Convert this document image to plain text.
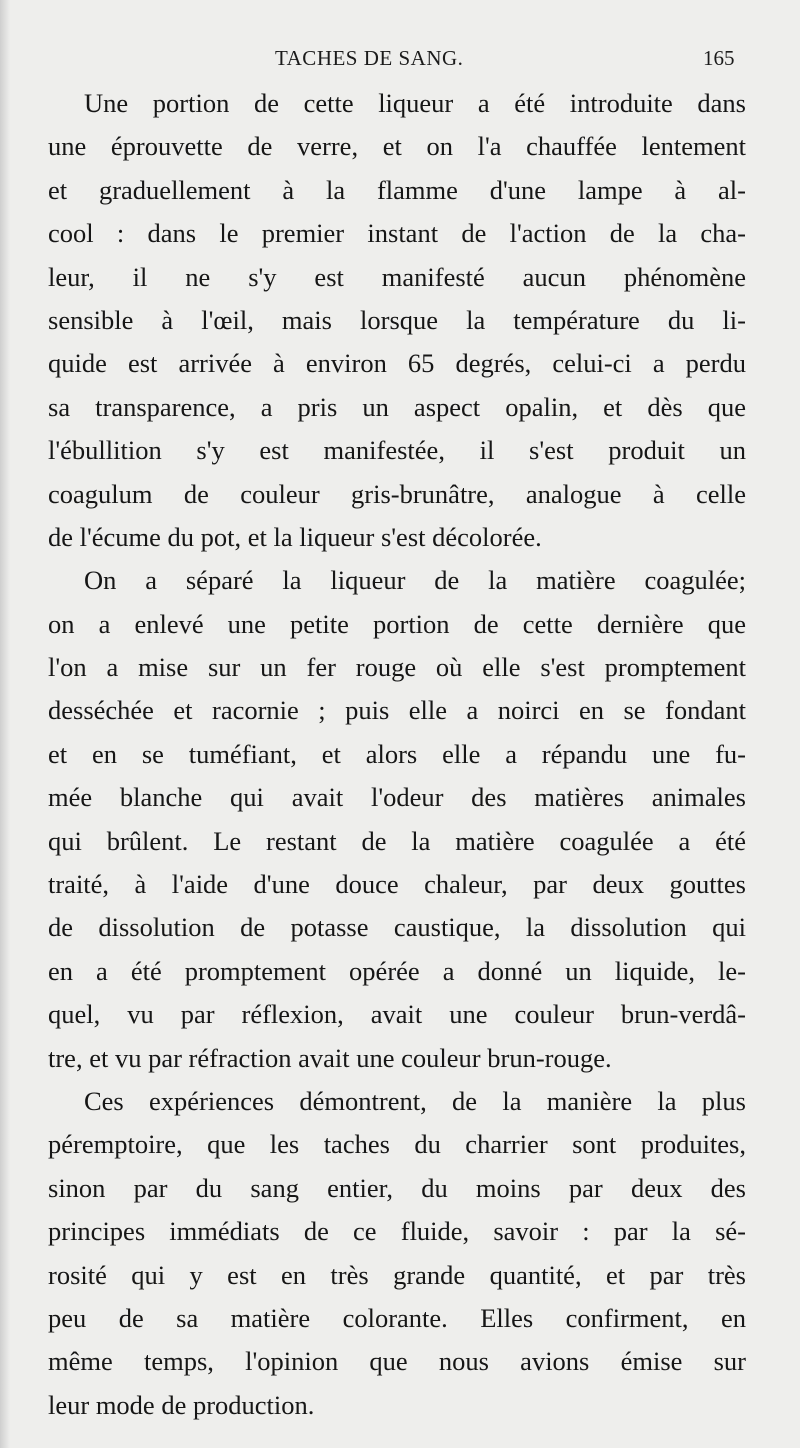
TACHES DE SANG.	165
Une portion de cette liqueur a été introduite dans
une éprouvette de verre, et on l'a chauffée lentement
et graduellement à la flamme d'une lampe à al-
cool : dans le premier instant de l'action de la cha-
leur, il ne s'y est manifesté aucun phénomène
sensible à l'œil, mais lorsque la température du li-
quide est arrivée à environ 65 degrés, celui-ci a perdu
sa transparence, a pris un aspect opalin, et dès que
l'ébullition s'y est manifestée, il s'est produit un
coagulum de couleur gris-brunâtre, analogue à celle
de l'écume du pot, et la liqueur s'est décolorée.
On a séparé la liqueur de la matière coagulée;
on a enlevé une petite portion de cette dernière que
l'on a mise sur un fer rouge où elle s'est promptement
desséchée et racornie ; puis elle a noirci en se fondant
et en se tuméfiant, et alors elle a répandu une fu-
mée blanche qui avait l'odeur des matières animales
qui brûlent. Le restant de la matière coagulée a été
traité, à l'aide d'une douce chaleur, par deux gouttes
de dissolution de potasse caustique, la dissolution qui
en a été promptement opérée a donné un liquide, le-
quel, vu par réflexion, avait une couleur brun-verdâ-
tre, et vu par réfraction avait une couleur brun-rouge.
Ces expériences démontrent, de la manière la plus
péremptoire, que les taches du charrier sont produites,
sinon par du sang entier, du moins par deux des
principes immédiats de ce fluide, savoir : par la sé-
rosité qui y est en très grande quantité, et par très
peu de sa matière colorante. Elles confirment, en
même temps, l'opinion que nous avions émise sur
leur mode de production.
